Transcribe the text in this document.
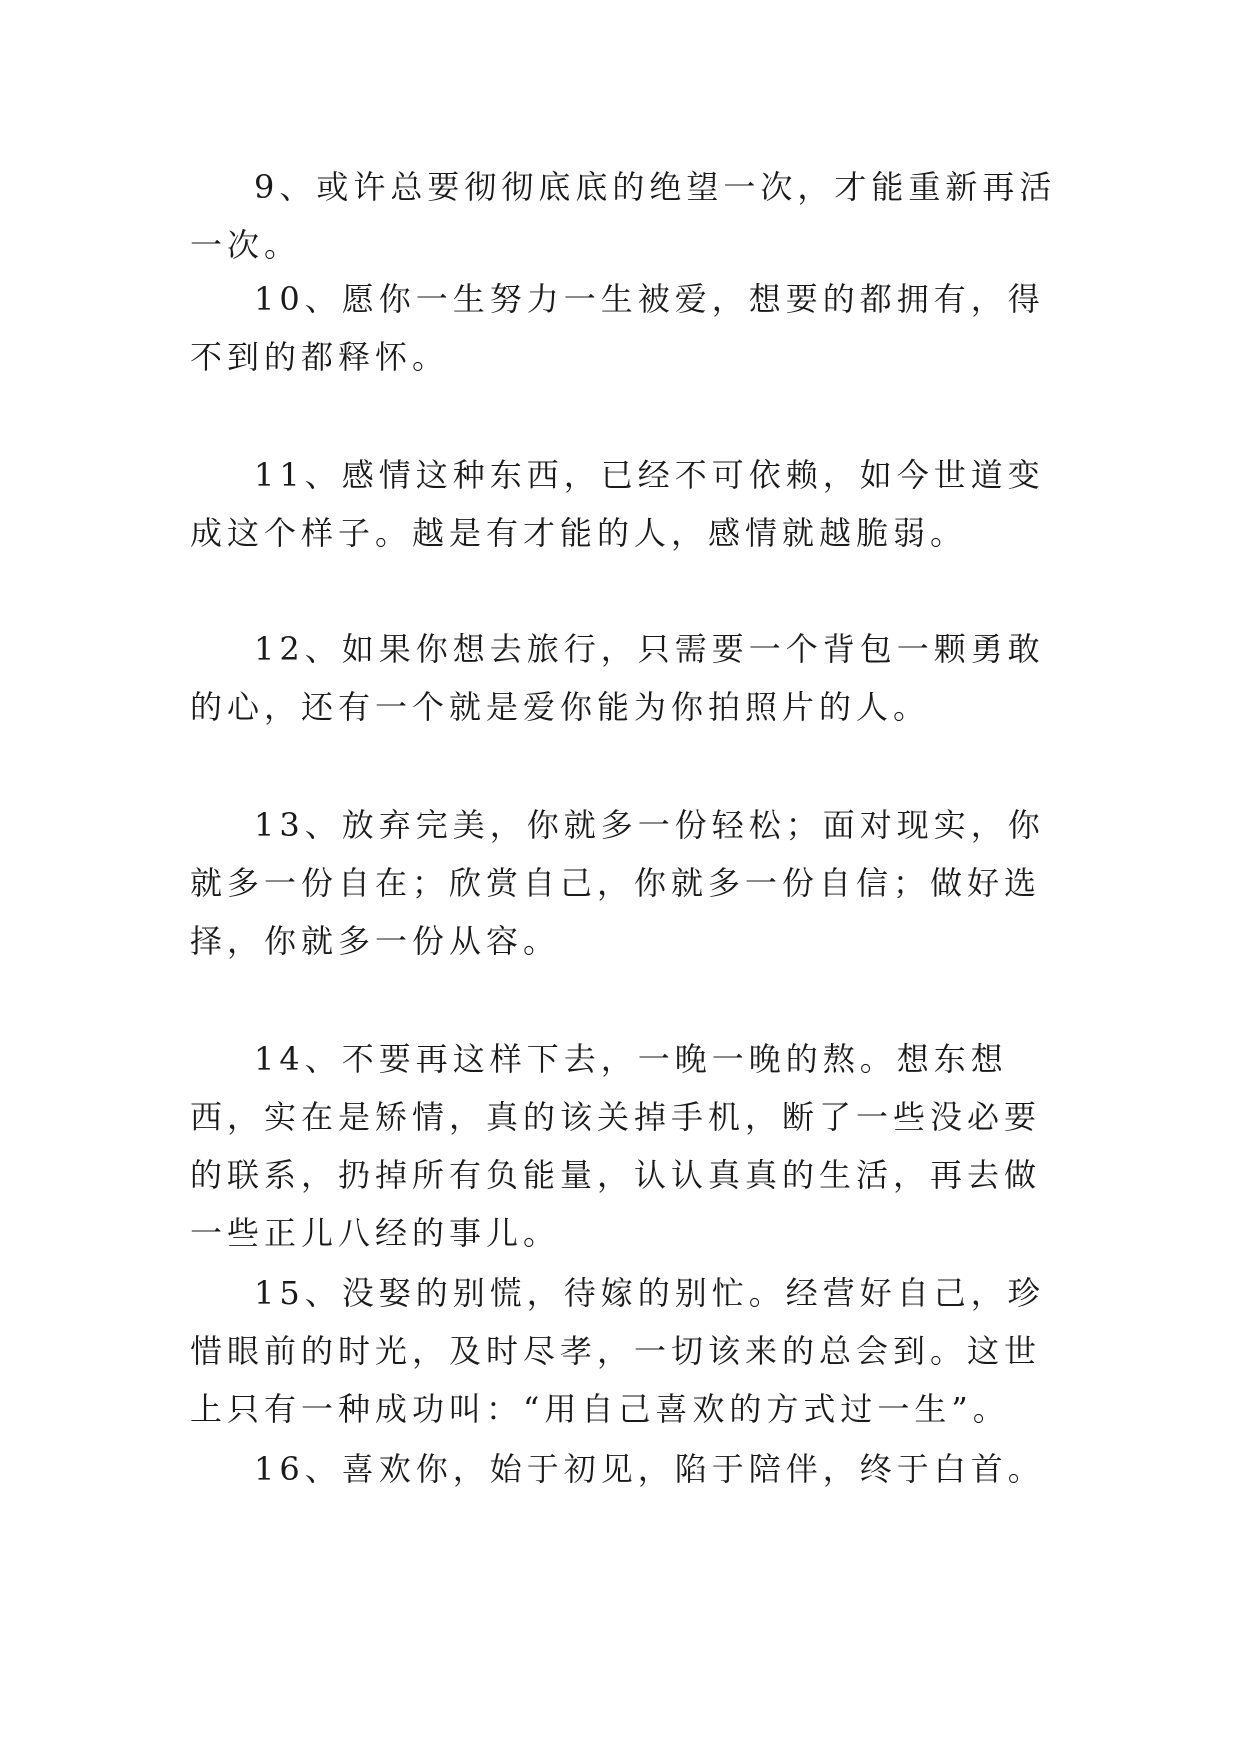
9、或许总要彻彻底底的绝望一次，才能重新再活一次。

10、愿你一生努力一生被爱，想要的都拥有，得不到的都释怀。

11、感情这种东西，已经不可依赖，如今世道变成这个样子。越是有才能的人，感情就越脆弱。

12、如果你想去旅行，只需要一个背包一颗勇敢的心，还有一个就是爱你能为你拍照片的人。

13、放弃完美，你就多一份轻松；面对现实，你就多一份自在；欣赏自己，你就多一份自信；做好选择，你就多一份从容。

14、不要再这样下去，一晚一晚的熬。想东想西，实在是矫情，真的该关掉手机，断了一些没必要的联系，扔掉所有负能量，认认真真的生活，再去做一些正儿八经的事儿。

15、没娶的别慌，待嫁的别忙。经营好自己，珍惜眼前的时光，及时尽孝，一切该来的总会到。这世上只有一种成功叫：“用自己喜欢的方式过一生”。

16、喜欢你，始于初见，陷于陪伴，终于白首。
